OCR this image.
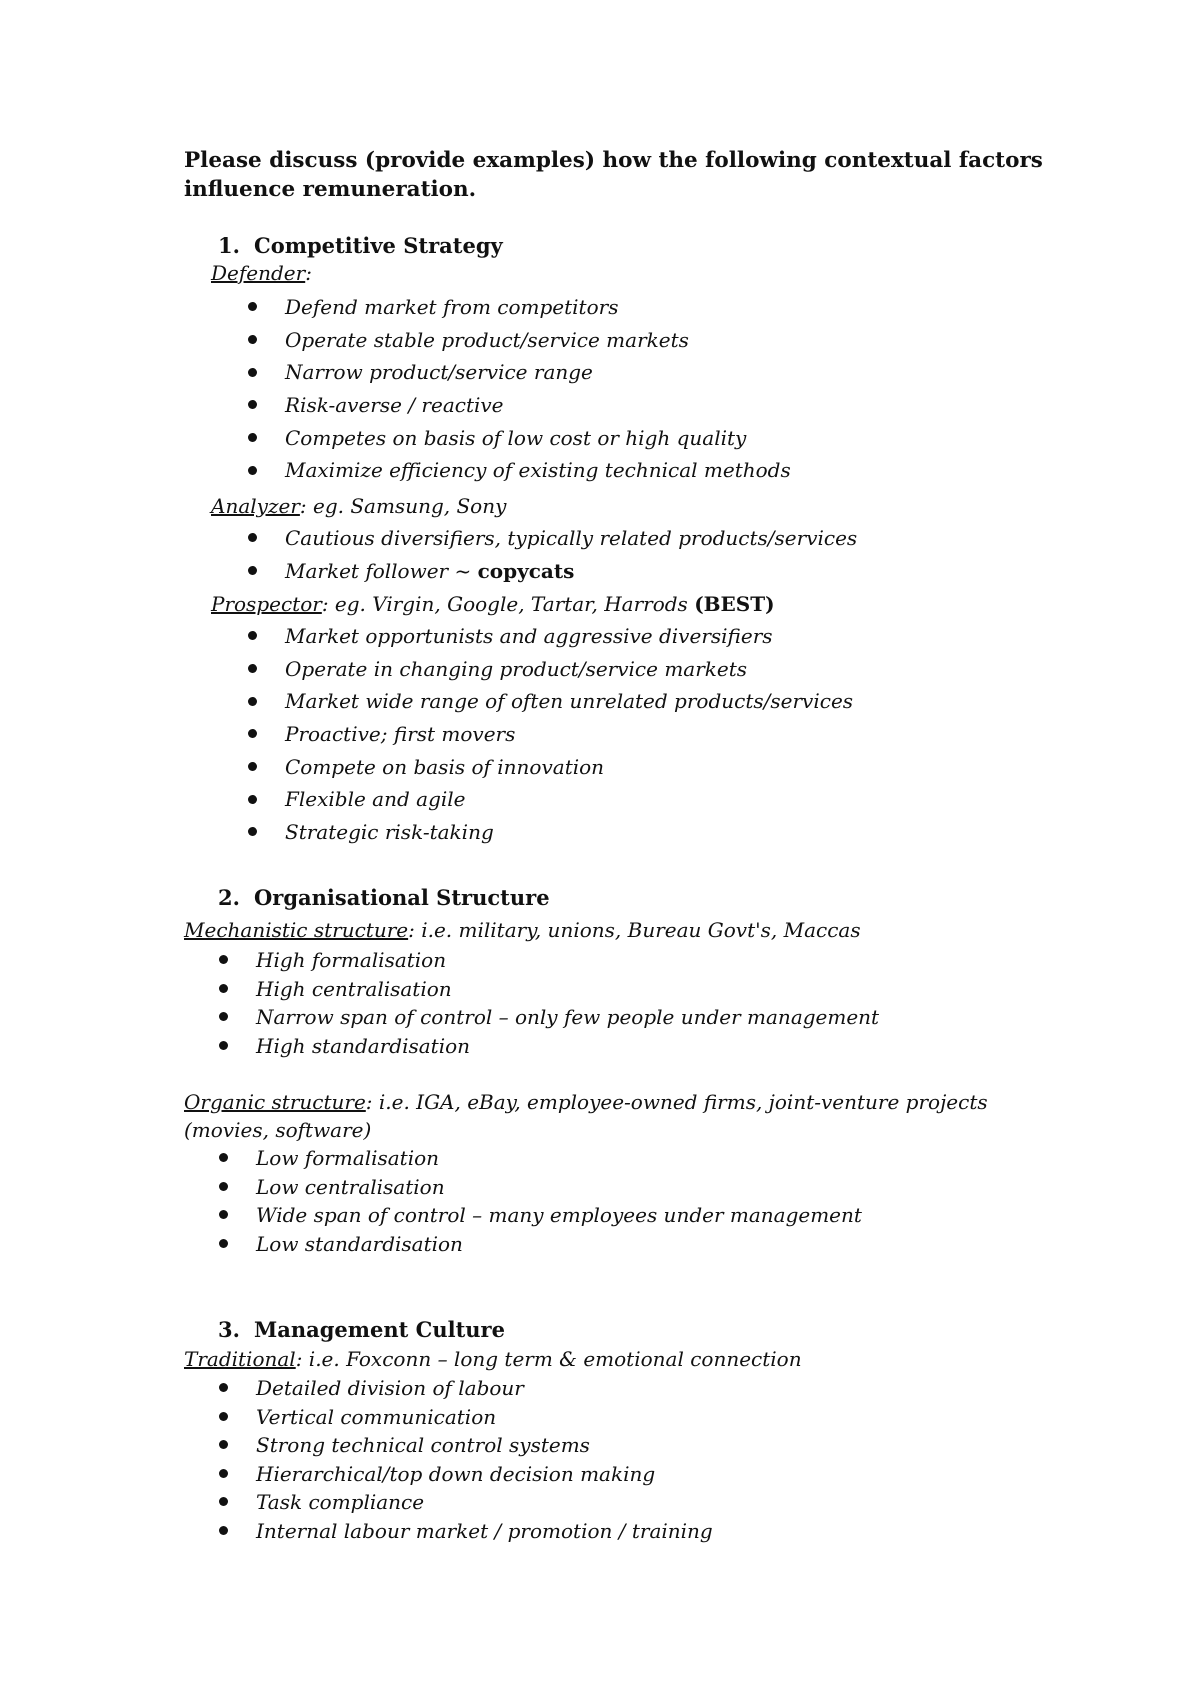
Please discuss (provide examples) how the following contextual factors influence remuneration.

1. Competitive Strategy

Defender:

Defend market from competitors
Operate stable product/service markets
Narrow product/service range
Risk-averse / reactive
Competes on basis of low cost or high quality
Maximize efficiency of existing technical methods

Analyzer: eg. Samsung, Sony

Cautious diversifiers, typically related products/services
Market follower ~ copycats

Prospector: eg. Virgin, Google, Tartar, Harrods (BEST)

Market opportunists and aggressive diversifiers
Operate in changing product/service markets
Market wide range of often unrelated products/services
Proactive; first movers
Compete on basis of innovation
Flexible and agile
Strategic risk-taking

2. Organisational Structure

Mechanistic structure: i.e. military, unions, Bureau Govt's, Maccas

High formalisation
High centralisation
Narrow span of control – only few people under management
High standardisation

Organic structure: i.e. IGA, eBay, employee-owned firms, joint-venture projects
(movies, software)

Low formalisation
Low centralisation
Wide span of control – many employees under management
Low standardisation

3. Management Culture

Traditional: i.e. Foxconn – long term & emotional connection

Detailed division of labour
Vertical communication
Strong technical control systems
Hierarchical/top down decision making
Task compliance
Internal labour market / promotion / training
